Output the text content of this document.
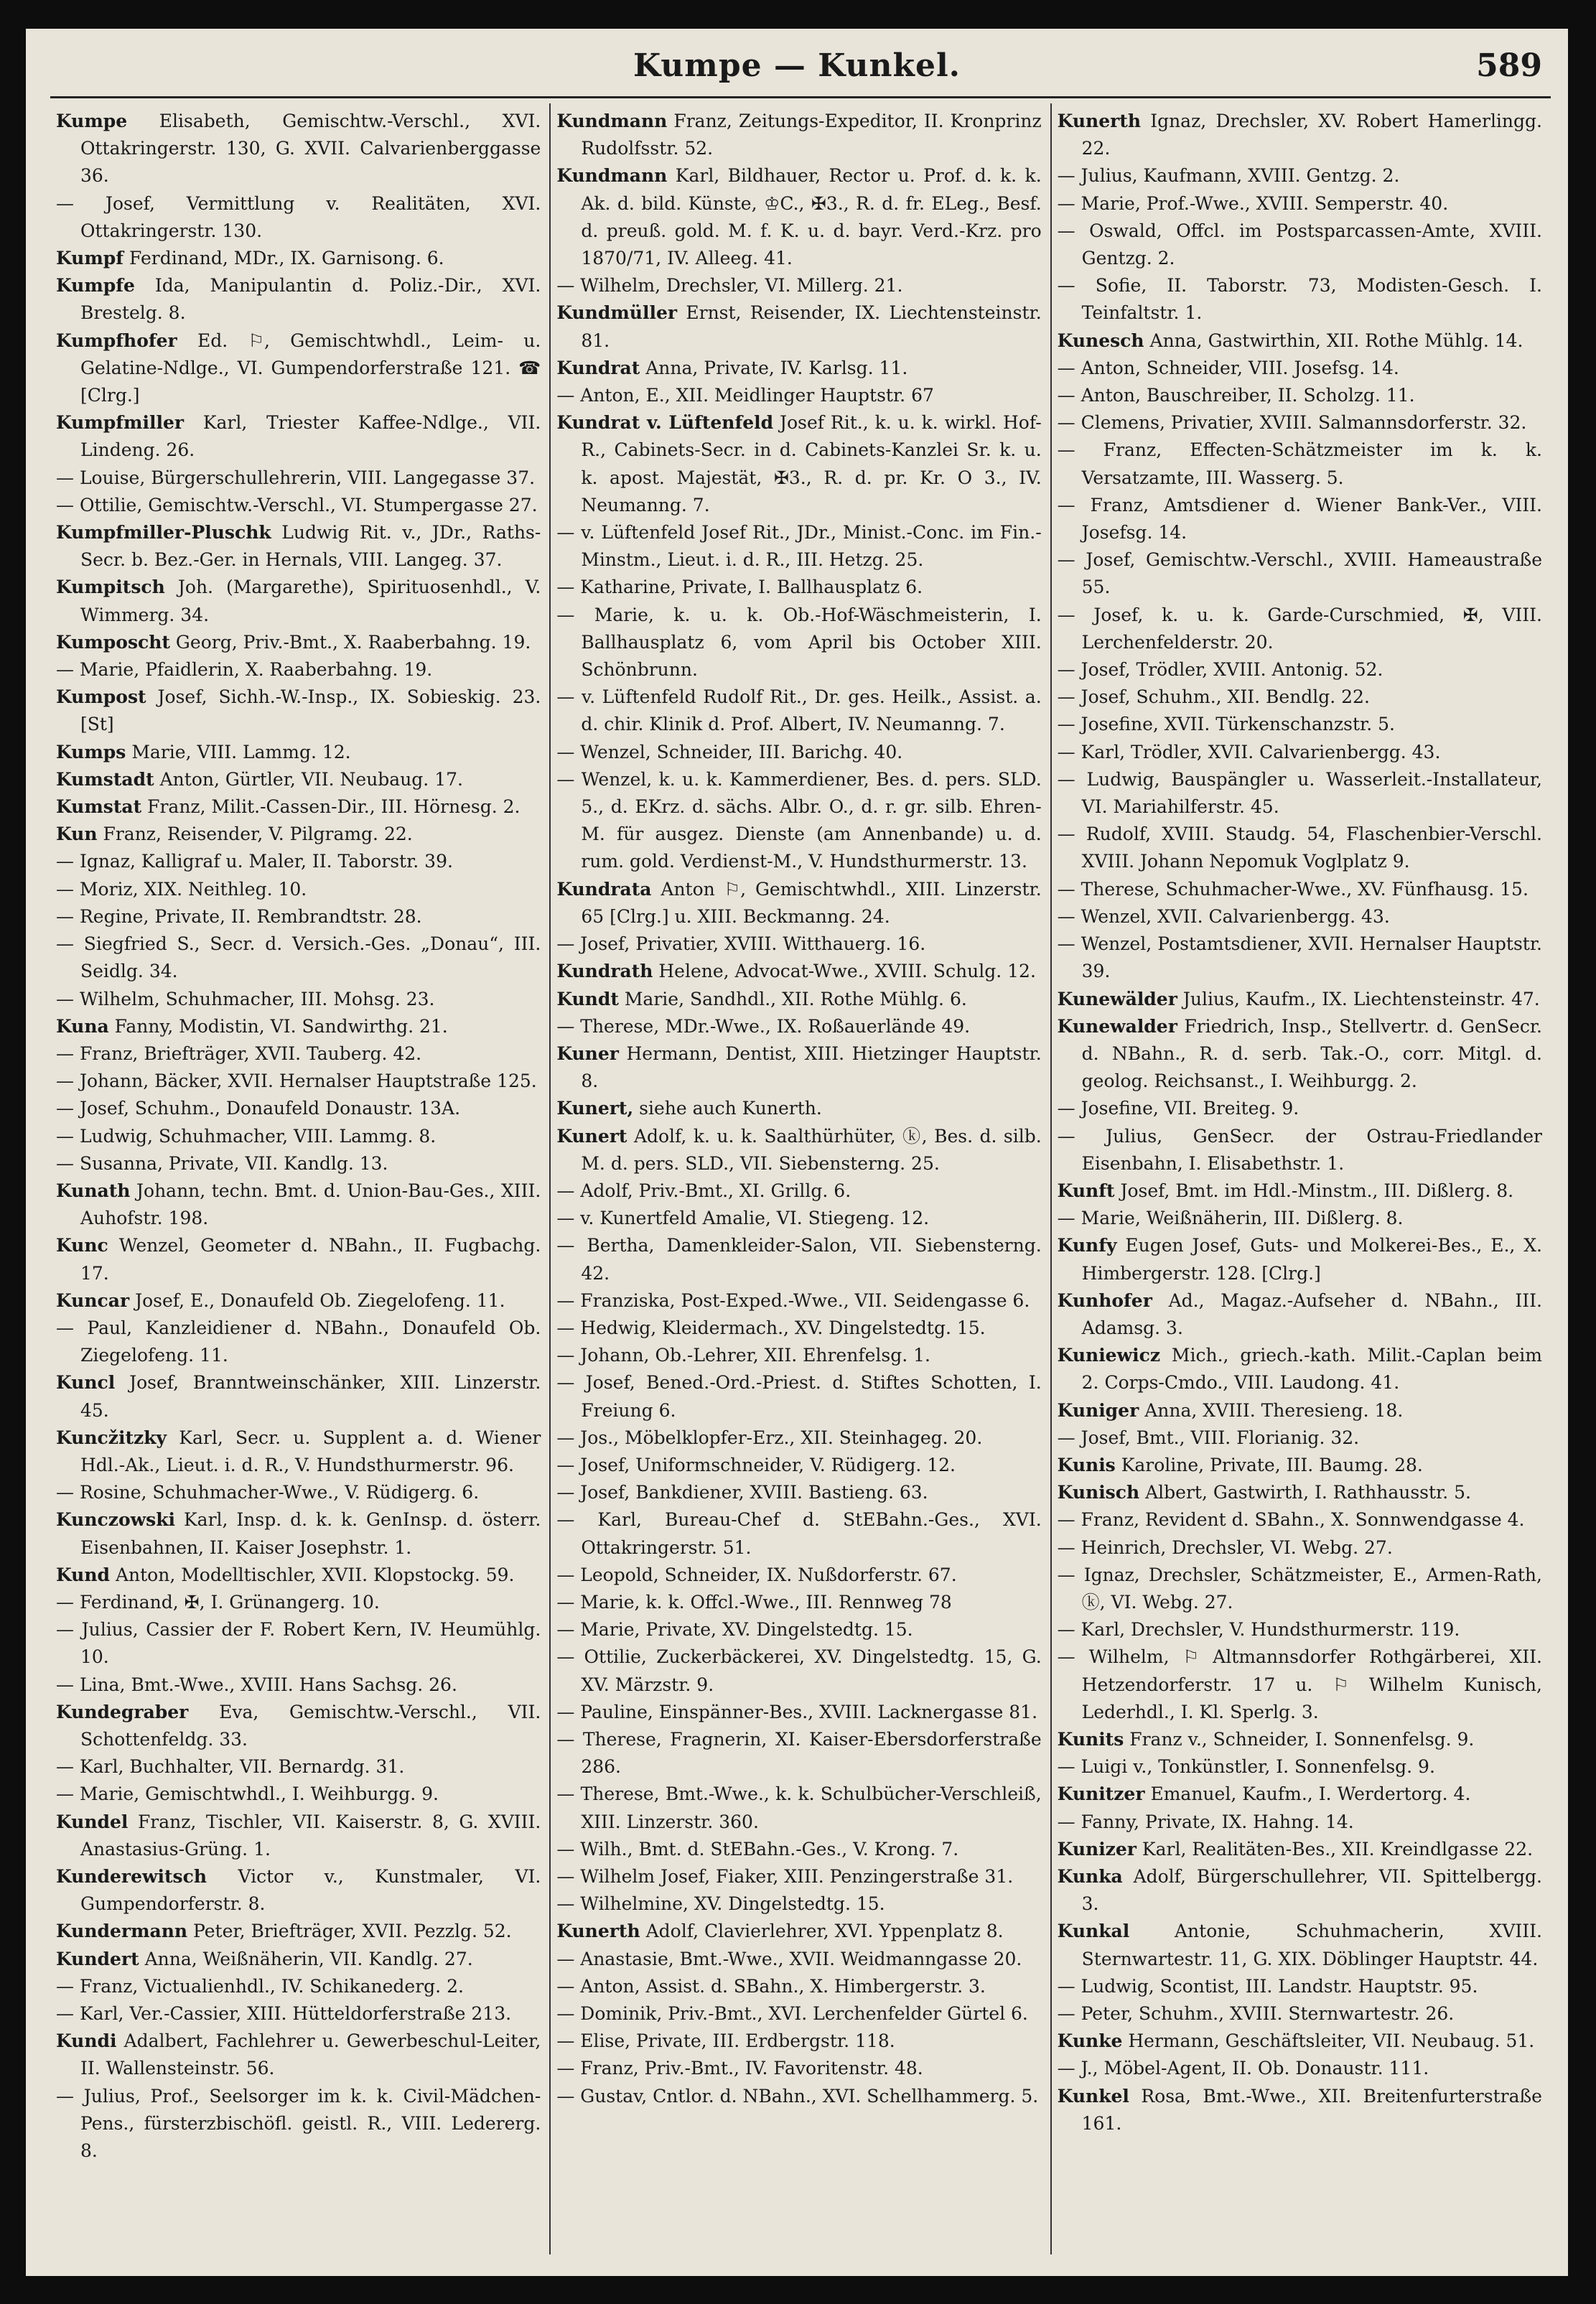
Kumpe — Kunkel.	589

Kumpe Elisabeth, Gemischtw.-Verschl., XVI. Ottakringerstr. 130, G. XVII. Calvarienberggasse 36.

— Josef, Vermittlung v. Realitäten, XVI. Ottakringerstr. 130.

Kumpf Ferdinand, MDr., IX. Garnisong. 6.

Kumpfe Ida, Manipulantin d. Poliz.-Dir., XVI. Brestelg. 8.

Kumpfhofer Ed. ⚐, Gemischtwhdl., Leim- u. Gelatine-Ndlge., VI. Gumpendorferstraße 121. ☎ [Clrg.]

Kumpfmiller Karl, Triester Kaffee-Ndlge., VII. Lindeng. 26.

— Louise, Bürgerschullehrerin, VIII. Langegasse 37.

— Ottilie, Gemischtw.-Verschl., VI. Stumpergasse 27.

Kumpfmiller-Pluschk Ludwig Rit. v., JDr., Raths-Secr. b. Bez.-Ger. in Hernals, VIII. Langeg. 37.

Kumpitsch Joh. (Margarethe), Spirituosenhdl., V. Wimmerg. 34.

Kumposcht Georg, Priv.-Bmt., X. Raaberbahng. 19.

— Marie, Pfaidlerin, X. Raaberbahng. 19.

Kumpost Josef, Sichh.-W.-Insp., IX. Sobieskig. 23. [St]

Kumps Marie, VIII. Lammg. 12.

Kumstadt Anton, Gürtler, VII. Neubaug. 17.

Kumstat Franz, Milit.-Cassen-Dir., III. Hörnesg. 2.

Kun Franz, Reisender, V. Pilgramg. 22.

— Ignaz, Kalligraf u. Maler, II. Taborstr. 39.

— Moriz, XIX. Neithleg. 10.

— Regine, Private, II. Rembrandtstr. 28.

— Siegfried S., Secr. d. Versich.-Ges. „Donau“, III. Seidlg. 34.

— Wilhelm, Schuhmacher, III. Mohsg. 23.

Kuna Fanny, Modistin, VI. Sandwirthg. 21.

— Franz, Briefträger, XVII. Tauberg. 42.

— Johann, Bäcker, XVII. Hernalser Hauptstraße 125.

— Josef, Schuhm., Donaufeld Donaustr. 13A.

— Ludwig, Schuhmacher, VIII. Lammg. 8.

— Susanna, Private, VII. Kandlg. 13.

Kunath Johann, techn. Bmt. d. Union-Bau-Ges., XIII. Auhofstr. 198.

Kunc Wenzel, Geometer d. NBahn., II. Fugbachg. 17.

Kuncar Josef, E., Donaufeld Ob. Ziegelofeng. 11.

— Paul, Kanzleidiener d. NBahn., Donaufeld Ob. Ziegelofeng. 11.

Kuncl Josef, Branntweinschänker, XIII. Linzerstr. 45.

Kuncžitzky Karl, Secr. u. Supplent a. d. Wiener Hdl.-Ak., Lieut. i. d. R., V. Hundsthurmerstr. 96.

— Rosine, Schuhmacher-Wwe., V. Rüdigerg. 6.

Kunczowski Karl, Insp. d. k. k. GenInsp. d. österr. Eisenbahnen, II. Kaiser Josephstr. 1.

Kund Anton, Modelltischler, XVII. Klopstockg. 59.

— Ferdinand, ✠, I. Grünangerg. 10.

— Julius, Cassier der F. Robert Kern, IV. Heumühlg. 10.

— Lina, Bmt.-Wwe., XVIII. Hans Sachsg. 26.

Kundegraber Eva, Gemischtw.-Verschl., VII. Schottenfeldg. 33.

— Karl, Buchhalter, VII. Bernardg. 31.

— Marie, Gemischtwhdl., I. Weihburgg. 9.

Kundel Franz, Tischler, VII. Kaiserstr. 8, G. XVIII. Anastasius-Grüng. 1.

Kunderewitsch Victor v., Kunstmaler, VI. Gumpendorferstr. 8.

Kundermann Peter, Briefträger, XVII. Pezzlg. 52.

Kundert Anna, Weißnäherin, VII. Kandlg. 27.

— Franz, Victualienhdl., IV. Schikanederg. 2.

— Karl, Ver.-Cassier, XIII. Hütteldorferstraße 213.

Kundi Adalbert, Fachlehrer u. Gewerbeschul-Leiter, II. Wallensteinstr. 56.

— Julius, Prof., Seelsorger im k. k. Civil-Mädchen-Pens., fürsterzbischöfl. geistl. R., VIII. Ledererg. 8.

Kundmann Franz, Zeitungs-Expeditor, II. Kronprinz Rudolfsstr. 52.

Kundmann Karl, Bildhauer, Rector u. Prof. d. k. k. Ak. d. bild. Künste, ♔C., ✠3., R. d. fr. ELeg., Besf. d. preuß. gold. M. f. K. u. d. bayr. Verd.-Krz. pro 1870/71, IV. Alleeg. 41.

— Wilhelm, Drechsler, VI. Millerg. 21.

Kundmüller Ernst, Reisender, IX. Liechtensteinstr. 81.

Kundrat Anna, Private, IV. Karlsg. 11.

— Anton, E., XII. Meidlinger Hauptstr. 67

Kundrat v. Lüftenfeld Josef Rit., k. u. k. wirkl. Hof-R., Cabinets-Secr. in d. Cabinets-Kanzlei Sr. k. u. k. apost. Majestät, ✠3., R. d. pr. Kr. O 3., IV. Neumanng. 7.

— v. Lüftenfeld Josef Rit., JDr., Minist.-Conc. im Fin.-Minstm., Lieut. i. d. R., III. Hetzg. 25.

— Katharine, Private, I. Ballhausplatz 6.

— Marie, k. u. k. Ob.-Hof-Wäschmeisterin, I. Ballhausplatz 6, vom April bis October XIII. Schönbrunn.

— v. Lüftenfeld Rudolf Rit., Dr. ges. Heilk., Assist. a. d. chir. Klinik d. Prof. Albert, IV. Neumanng. 7.

— Wenzel, Schneider, III. Barichg. 40.

— Wenzel, k. u. k. Kammerdiener, Bes. d. pers. SLD. 5., d. EKrz. d. sächs. Albr. O., d. r. gr. silb. Ehren-M. für ausgez. Dienste (am Annenbande) u. d. rum. gold. Verdienst-M., V. Hundsthurmerstr. 13.

Kundrata Anton ⚐, Gemischtwhdl., XIII. Linzerstr. 65 [Clrg.] u. XIII. Beckmanng. 24.

— Josef, Privatier, XVIII. Witthauerg. 16.

Kundrath Helene, Advocat-Wwe., XVIII. Schulg. 12.

Kundt Marie, Sandhdl., XII. Rothe Mühlg. 6.

— Therese, MDr.-Wwe., IX. Roßauerlände 49.

Kuner Hermann, Dentist, XIII. Hietzinger Hauptstr. 8.

Kunert, siehe auch Kunerth.

Kunert Adolf, k. u. k. Saalthürhüter, ⓚ, Bes. d. silb. M. d. pers. SLD., VII. Siebensterng. 25.

— Adolf, Priv.-Bmt., XI. Grillg. 6.

— v. Kunertfeld Amalie, VI. Stiegeng. 12.

— Bertha, Damenkleider-Salon, VII. Siebensterng. 42.

— Franziska, Post-Exped.-Wwe., VII. Seidengasse 6.

— Hedwig, Kleidermach., XV. Dingelstedtg. 15.

— Johann, Ob.-Lehrer, XII. Ehrenfelsg. 1.

— Josef, Bened.-Ord.-Priest. d. Stiftes Schotten, I. Freiung 6.

— Jos., Möbelklopfer-Erz., XII. Steinhageg. 20.

— Josef, Uniformschneider, V. Rüdigerg. 12.

— Josef, Bankdiener, XVIII. Bastieng. 63.

— Karl, Bureau-Chef d. StEBahn.-Ges., XVI. Ottakringerstr. 51.

— Leopold, Schneider, IX. Nußdorferstr. 67.

— Marie, k. k. Offcl.-Wwe., III. Rennweg 78

— Marie, Private, XV. Dingelstedtg. 15.

— Ottilie, Zuckerbäckerei, XV. Dingelstedtg. 15, G. XV. Märzstr. 9.

— Pauline, Einspänner-Bes., XVIII. Lacknergasse 81.

— Therese, Fragnerin, XI. Kaiser-Ebersdorferstraße 286.

— Therese, Bmt.-Wwe., k. k. Schulbücher-Verschleiß, XIII. Linzerstr. 360.

— Wilh., Bmt. d. StEBahn.-Ges., V. Krong. 7.

— Wilhelm Josef, Fiaker, XIII. Penzingerstraße 31.

— Wilhelmine, XV. Dingelstedtg. 15.

Kunerth Adolf, Clavierlehrer, XVI. Yppenplatz 8.

— Anastasie, Bmt.-Wwe., XVII. Weidmanngasse 20.

— Anton, Assist. d. SBahn., X. Himbergerstr. 3.

— Dominik, Priv.-Bmt., XVI. Lerchenfelder Gürtel 6.

— Elise, Private, III. Erdbergstr. 118.

— Franz, Priv.-Bmt., IV. Favoritenstr. 48.

— Gustav, Cntlor. d. NBahn., XVI. Schellhammerg. 5.

Kunerth Ignaz, Drechsler, XV. Robert Hamerlingg. 22.

— Julius, Kaufmann, XVIII. Gentzg. 2.

— Marie, Prof.-Wwe., XVIII. Semperstr. 40.

— Oswald, Offcl. im Postsparcassen-Amte, XVIII. Gentzg. 2.

— Sofie, II. Taborstr. 73, Modisten-Gesch. I. Teinfaltstr. 1.

Kunesch Anna, Gastwirthin, XII. Rothe Mühlg. 14.

— Anton, Schneider, VIII. Josefsg. 14.

— Anton, Bauschreiber, II. Scholzg. 11.

— Clemens, Privatier, XVIII. Salmannsdorferstr. 32.

— Franz, Effecten-Schätzmeister im k. k. Versatzamte, III. Wasserg. 5.

— Franz, Amtsdiener d. Wiener Bank-Ver., VIII. Josefsg. 14.

— Josef, Gemischtw.-Verschl., XVIII. Hameaustraße 55.

— Josef, k. u. k. Garde-Curschmied, ✠, VIII. Lerchenfelderstr. 20.

— Josef, Trödler, XVIII. Antonig. 52.

— Josef, Schuhm., XII. Bendlg. 22.

— Josefine, XVII. Türkenschanzstr. 5.

— Karl, Trödler, XVII. Calvarienbergg. 43.

— Ludwig, Bauspängler u. Wasserleit.-Installateur, VI. Mariahilferstr. 45.

— Rudolf, XVIII. Staudg. 54, Flaschenbier-Verschl. XVIII. Johann Nepomuk Voglplatz 9.

— Therese, Schuhmacher-Wwe., XV. Fünfhausg. 15.

— Wenzel, XVII. Calvarienbergg. 43.

— Wenzel, Postamtsdiener, XVII. Hernalser Hauptstr. 39.

Kunewälder Julius, Kaufm., IX. Liechtensteinstr. 47.

Kunewalder Friedrich, Insp., Stellvertr. d. GenSecr. d. NBahn., R. d. serb. Tak.-O., corr. Mitgl. d. geolog. Reichsanst., I. Weihburgg. 2.

— Josefine, VII. Breiteg. 9.

— Julius, GenSecr. der Ostrau-Friedlander Eisenbahn, I. Elisabethstr. 1.

Kunft Josef, Bmt. im Hdl.-Minstm., III. Dißlerg. 8.

— Marie, Weißnäherin, III. Dißlerg. 8.

Kunfy Eugen Josef, Guts- und Molkerei-Bes., E., X. Himbergerstr. 128. [Clrg.]

Kunhofer Ad., Magaz.-Aufseher d. NBahn., III. Adamsg. 3.

Kuniewicz Mich., griech.-kath. Milit.-Caplan beim 2. Corps-Cmdo., VIII. Laudong. 41.

Kuniger Anna, XVIII. Theresieng. 18.

— Josef, Bmt., VIII. Florianig. 32.

Kunis Karoline, Private, III. Baumg. 28.

Kunisch Albert, Gastwirth, I. Rathhausstr. 5.

— Franz, Revident d. SBahn., X. Sonnwendgasse 4.

— Heinrich, Drechsler, VI. Webg. 27.

— Ignaz, Drechsler, Schätzmeister, E., Armen-Rath, ⓚ, VI. Webg. 27.

— Karl, Drechsler, V. Hundsthurmerstr. 119.

— Wilhelm, ⚐ Altmannsdorfer Rothgärberei, XII. Hetzendorferstr. 17 u. ⚐ Wilhelm Kunisch, Lederhdl., I. Kl. Sperlg. 3.

Kunits Franz v., Schneider, I. Sonnenfelsg. 9.

— Luigi v., Tonkünstler, I. Sonnenfelsg. 9.

Kunitzer Emanuel, Kaufm., I. Werdertorg. 4.

— Fanny, Private, IX. Hahng. 14.

Kunizer Karl, Realitäten-Bes., XII. Kreindlgasse 22.

Kunka Adolf, Bürgerschullehrer, VII. Spittelbergg. 3.

Kunkal Antonie, Schuhmacherin, XVIII. Sternwartestr. 11, G. XIX. Döblinger Hauptstr. 44.

— Ludwig, Scontist, III. Landstr. Hauptstr. 95.

— Peter, Schuhm., XVIII. Sternwartestr. 26.

Kunke Hermann, Geschäftsleiter, VII. Neubaug. 51.

— J., Möbel-Agent, II. Ob. Donaustr. 111.

Kunkel Rosa, Bmt.-Wwe., XII. Breitenfurterstraße 161.
